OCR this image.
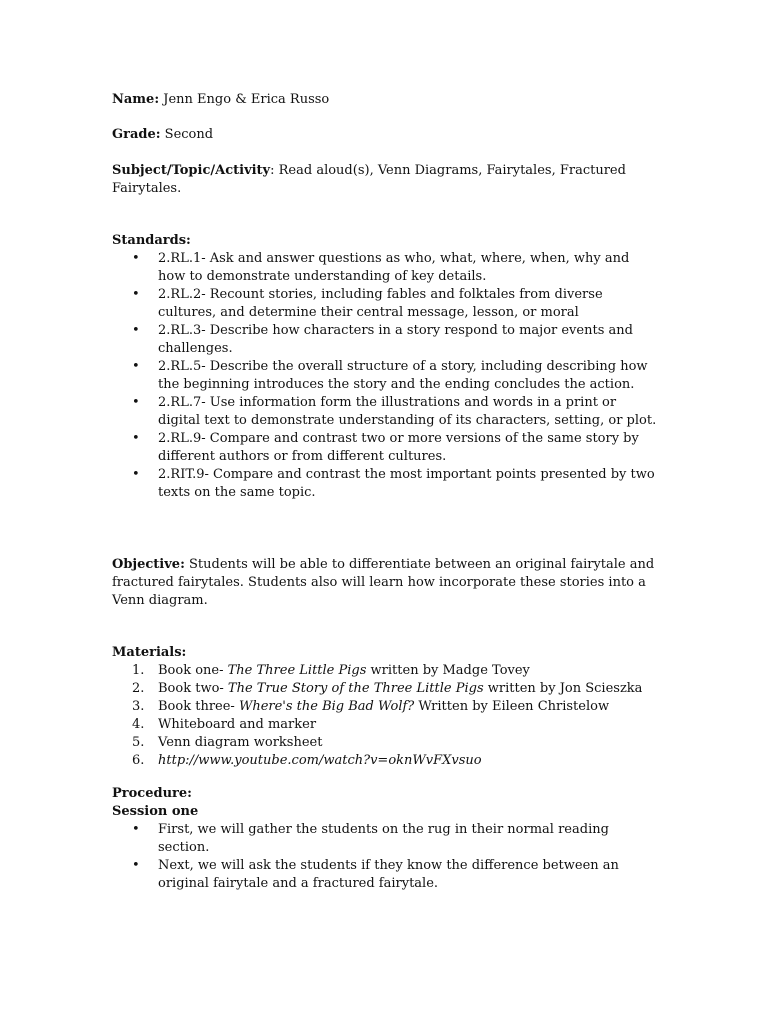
Name: Jenn Engo & Erica Russo
Grade: Second
Subject/Topic/Activity: Read aloud(s), Venn Diagrams, Fairytales, Fractured Fairytales.
Standards:
• 2.RL.1- Ask and answer questions as who, what, where, when, why and how to demonstrate understanding of key details.
• 2.RL.2- Recount stories, including fables and folktales from diverse cultures, and determine their central message, lesson, or moral
• 2.RL.3- Describe how characters in a story respond to major events and challenges.
• 2.RL.5- Describe the overall structure of a story, including describing how the beginning introduces the story and the ending concludes the action.
• 2.RL.7- Use information form the illustrations and words in a print or digital text to demonstrate understanding of its characters, setting, or plot.
• 2.RL.9- Compare and contrast two or more versions of the same story by different authors or from different cultures.
• 2.RIT.9- Compare and contrast the most important points presented by two texts on the same topic.
Objective: Students will be able to differentiate between an original fairytale and fractured fairytales. Students also will learn how incorporate these stories into a Venn diagram.
Materials:
1. Book one- The Three Little Pigs written by Madge Tovey
2. Book two- The True Story of the Three Little Pigs written by Jon Scieszka
3. Book three- Where's the Big Bad Wolf? Written by Eileen Christelow
4. Whiteboard and marker
5. Venn diagram worksheet
6. http://www.youtube.com/watch?v=oknWvFXvsuo
Procedure:
Session one
• First, we will gather the students on the rug in their normal reading section.
• Next, we will ask the students if they know the difference between an original fairytale and a fractured fairytale.
